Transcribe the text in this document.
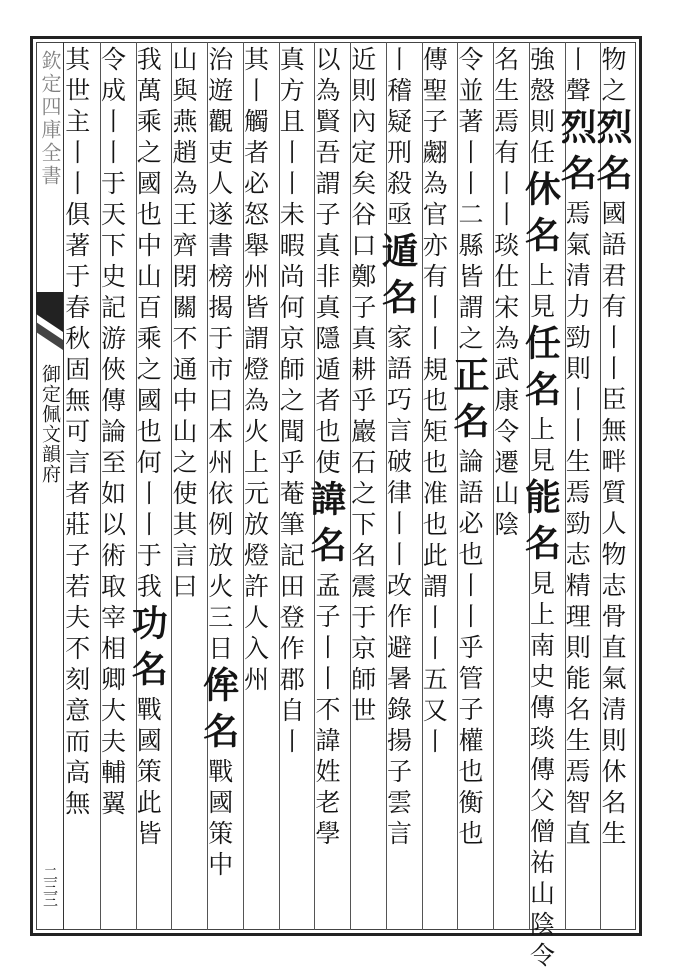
欽定四庫全書
御定佩文韻府
二三三
物之烈名國語君有丨丨臣無畔質人物志骨直氣清則休名生
丨聲烈名焉氣清力勁則丨丨生焉勁志精理則能名生焉智直
強慤則任休名上見任名上見能名見上南史傳琰傳父僧祐山陰令
名生焉有丨丨琰仕宋為武康令遷山陰
令並著丨丨二縣皆謂之正名論語必也丨丨乎管子權也衡也
傳聖子翽為官亦有丨丨規也矩也准也此謂丨丨五又丨
丨稽疑刑殺亟遁名家語巧言破律丨丨改作避暑錄揚子雲言
近則內定矣谷口鄭子真耕乎巖石之下名震于京師世
以為賢吾謂子真非真隱遁者也使諱名孟子丨丨不諱姓老學
真方且丨丨未暇尚何京師之聞乎菴筆記田登作郡自丨
其丨觸者必怒舉州皆謂燈為火上元放燈許人入州
治遊觀吏人遂書榜揭于市曰本州依例放火三日侔名戰國策中
山與燕趙為王齊閉關不通中山之使其言曰
我萬乘之國也中山百乘之國也何丨丨于我功名戰國策此皆
令成丨丨于天下史記游俠傳論至如以術取宰相卿大夫輔翼
其世主丨丨俱著于春秋固無可言者莊子若夫不刻意而高無
